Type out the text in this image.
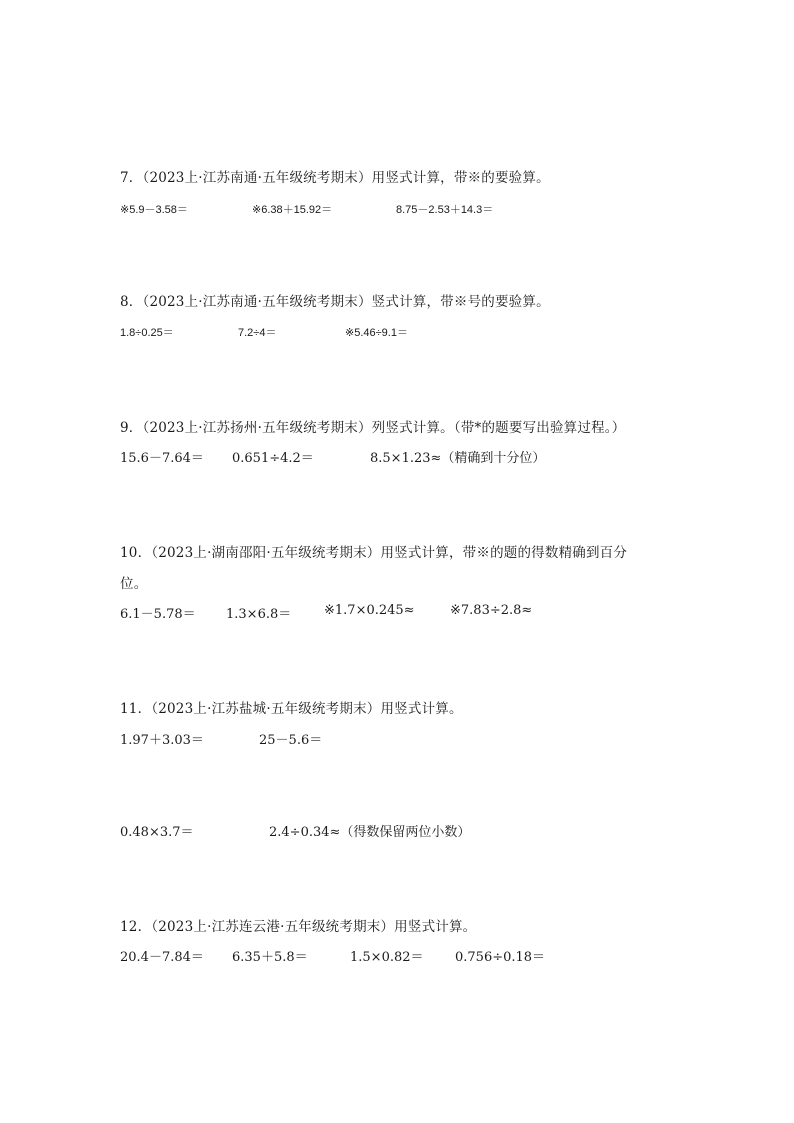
7．（2023上·江苏南通·五年级统考期末）用竖式计算，带※的要验算。
※5.9－3.58＝	※6.38＋15.92＝	8.75－2.53＋14.3＝
8．（2023上·江苏南通·五年级统考期末）竖式计算，带※号的要验算。
1.8÷0.25＝	7.2÷4＝	※5.46÷9.1＝
9．（2023上·江苏扬州·五年级统考期末）列竖式计算。（带*的题要写出验算过程。）
15.6－7.64＝ 0.651÷4.2＝	8.5×1.23≈（精确到十分位）
10．（2023上·湖南邵阳·五年级统考期末）用竖式计算，带※的题的得数精确到百分
位。
6.1－5.78＝ 1.3×6.8＝	※1.7×0.245≈	※7.83÷2.8≈
11．（2023上·江苏盐城·五年级统考期末）用竖式计算。
1.97＋3.03＝	25－5.6＝
0.48×3.7＝	2.4÷0.34≈（得数保留两位小数）
12．（2023上·江苏连云港·五年级统考期末）用竖式计算。
20.4－7.84＝ 6.35＋5.8＝	1.5×0.82＝ 0.756÷0.18＝
